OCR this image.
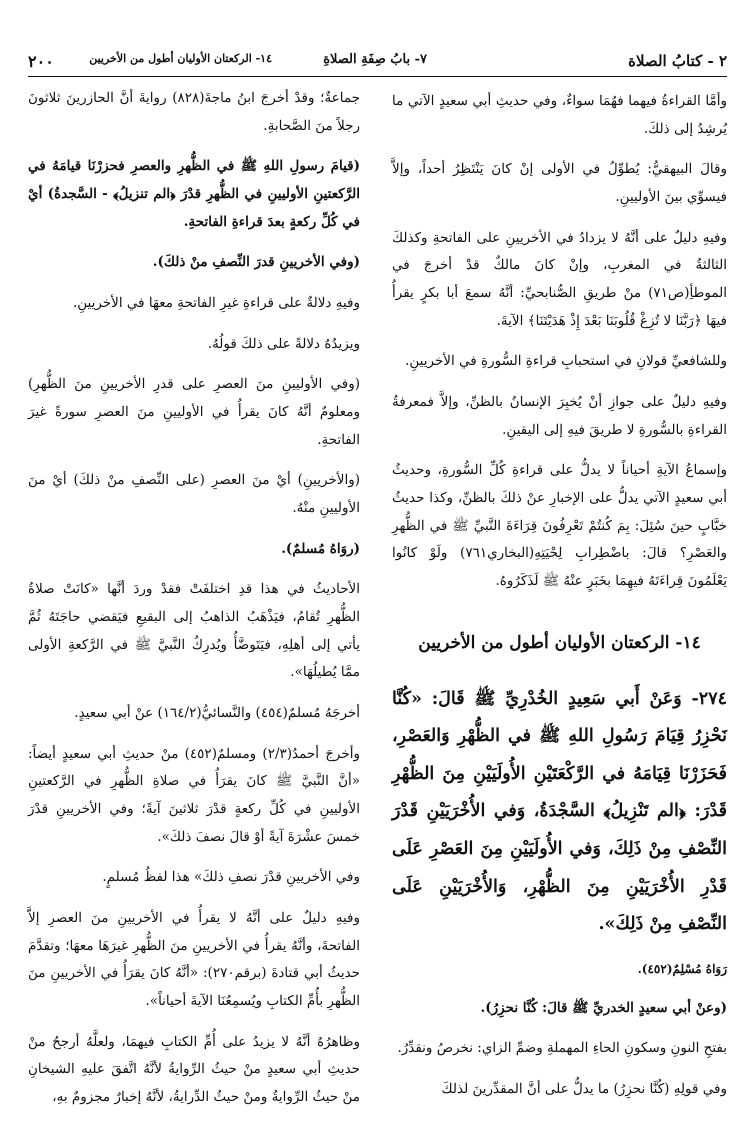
٢ - كتابُ الصلاة
٧- بابُ صِفَةِ الصلاةِ
١٤- الركعتان الأوليان أطول من الأخريين
٢٠٠

وأمَّا القراءةُ فيهما فهُمَا سواءٌ، وفي حديثِ أبي سعيدٍ الآتي ما يُرشِدُ إلى ذلكَ.

وقالَ البيهقيُّ: يُطوِّلُ في الأولى إنْ كانَ يَنْتَظِرُ أحداً، وإلاَّ فيسوِّي بينَ الأوليينِ.

وفيهِ دليلٌ على أنَّهُ لا يزدادُ في الأخريينِ على الفاتحةِ وكذلكَ الثالثةُ في المغربِ، وإنْ كانَ مالكٌ قدْ أخرجَ في الموطأِ(ص٧١) منْ طريقِ الصُّنابحيِّ: أنَّهُ سمعَ أبا بكرٍ يقرأُ فيهَا ﴿رَبَّنَا لا تُزِغْ قُلُوبَنَا بَعْدَ إِذْ هَدَيْتَنَا﴾ الآيةَ.

وللشافعيِّ قولانِ في استحبابِ قراءةِ السُّورةِ في الأخريينِ.

وفيهِ دليلٌ على جوازِ أنْ يُخبِرَ الإنسانُ بالظنِّ، وإلاَّ فمعرفةُ القراءةِ بالسُّورةِ لا طريقَ فيهِ إلى اليقينِ.

وإسماعُ الآيةِ أحياناً لا يدلُّ على قراءةِ كُلِّ السُّورةِ، وحديثُ أبي سعيدٍ الآتي يدلُّ على الإخبارِ عنْ ذلكَ بالظنِّ، وكذا حديثُ خبَّابٍ حينَ سُئِلَ: بِمَ كُنتُمْ تَعْرِفُونَ قِرَاءَةَ النَّبيِّ ﷺ في الظُّهرِ والعَصْرِ؟ قالَ: باضْطِرابِ لِحْيَتِهِ(البخاري٧٦١) ولَوْ كانُوا يَعْلَمُونَ قِراءَتَهُ فيهِمَا بخَبَرٍ عنْهُ ﷺ لَذَكَرُوهُ.

١٤- الركعتان الأوليان أطول من الأخريين

٢٧٤- وَعَنْ أَبي سَعِيدٍ الخُدْرِيِّ ﷺ قَالَ: «كُنَّا نَحْزِرُ قِيَامَ رَسُولِ اللهِ ﷺ في الظُّهْرِ وَالعَصْرِ، فَحَزَرْنَا قِيَامَهُ في الرَّكْعَتَيْنِ الأُولَيَيْنِ مِنَ الظُّهْرِ قَدْرَ: ﴿الم تَنْزِيلُ﴾ السَّجْدَةُ، وَفي الأُخْرَيَيْنِ قَدْرَ النِّصْفِ مِنْ ذَلِكَ، وَفي الأُولَيَيْنِ مِنَ العَصْرِ عَلَى قَدْرِ الأُخْرَيَيْنِ مِنَ الظُّهْرِ، وَالأُخْرَيَيْنِ عَلَى النِّصْفِ مِنْ ذَلِكَ».

رَوَاهُ مُسْلِمٌ(٤٥٢).

(وعنْ أبي سعيدٍ الخدريِّ ﷺ قالَ: كُنَّا نحزِرُ).

بفتحِ النونِ وسكونِ الحاءِ المهملةِ وضمِّ الزاي: نخرصُ ونقدِّرُ.

وفي قولِهِ (كُنَّا نحزِرُ) ما يدلُّ على أنَّ المقدِّرينَ لذلكَ

جماعةٌ؛ وقدْ أخرجَ ابنُ ماجةَ(٨٢٨) روايةَ أنَّ الحازرينَ ثلاثونَ رجلاً منَ الصَّحابةِ.

(قيامَ رسولِ اللهِ ﷺ في الظُّهرِ والعصرِ فحزرْنَا قيامَهُ في الرَّكعتينِ الأوليينِ في الظُّهرِ قدْرَ ﴿الم تنزيلُ﴾ - السَّجدةُ) أيْ في كُلِّ ركعةٍ بعدَ قراءةِ الفاتحةِ.

(وفي الأخريينِ قدرَ النِّصفِ منْ ذلكَ).

وفيهِ دلالةٌ على قراءةِ غيرِ الفاتحةِ معهَا في الأخريينِ.

ويزيدُهُ دلالةً على ذلكَ قولُهُ.

(وفي الأوليينِ منَ العصرِ على قدرِ الأخريينِ منَ الظُّهرِ) ومعلومٌ أنَّهُ كانَ يقرأُ في الأوليينِ منَ العصرِ سورةً غيرَ الفاتحةِ.

(والأخريينِ) أيْ منَ العصرِ (على النِّصفِ منْ ذلكَ) أيْ منَ الأوليينِ منْهُ.

(روَاهُ مُسلمٌ).

الأحاديثُ في هذا قدِ اختلفَتْ فقدْ وردَ أنَّها «كانَتْ صلاةُ الظُّهرِ تُقامُ، فيَذْهَبُ الذاهبُ إلى البقيعِ فيَقضي حاجَتَهُ ثُمَّ يأتي إلى أهلِهِ، فيَتَوضَّأُ ويُدرِكُ النَّبيَّ ﷺ في الرَّكعةِ الأولى ممَّا يُطيلُهَا».

أخرجَهُ مُسلمٌ(٤٥٤) والنَّسائيُّ(١٦٤/٢) عنْ أبي سعيدٍ.

وأخرجَ أحمدُ(٢/٣) ومسلمٌ(٤٥٢) منْ حديثِ أبي سعيدٍ أيضاً: «أنَّ النَّبيَّ ﷺ كانَ يقرَأُ في صلاةِ الظُّهرِ في الرَّكعتينِ الأوليينِ في كُلِّ ركعةٍ قدْرَ ثلاثينَ آيةً؛ وفي الأخريينِ قدْرَ خمسَ عشْرَةَ آيةً أوْ قالَ نصفَ ذلكَ».

وفي الأخريينِ قدْرَ نصفِ ذلكَ» هذا لفظُ مُسلمٍ.

وفيهِ دليلٌ على أنَّهُ لا يقرأُ في الأخريينِ منَ العصرِ إلاَّ الفاتحةَ، وأنَّهُ يقرأُ في الأخريينِ منَ الظُّهرِ غيرَهَا معهَا؛ وتقدَّمَ حديثُ أبي قتادةَ (برقم٢٧٠): «أنَّهُ كانَ يقرَأُ في الأخريينِ منَ الظُّهرِ بأُمِّ الكتابِ ويُسمِعُنَا الآيةَ أحياناً».

وظاهرُهُ أنَّهُ لا يزيدُ على أُمِّ الكتابِ فيهمَا، ولعلَّهُ أرجحُ منْ حديثِ أبي سعيدٍ منْ حيثُ الرِّوايةُ لأنَّهُ اتَّفقَ عليهِ الشيخانِ منْ حيثُ الرِّوايةُ ومنْ حيثُ الدِّرايةُ، لأنَّهُ إخبارٌ مجزومٌ بهِ،
